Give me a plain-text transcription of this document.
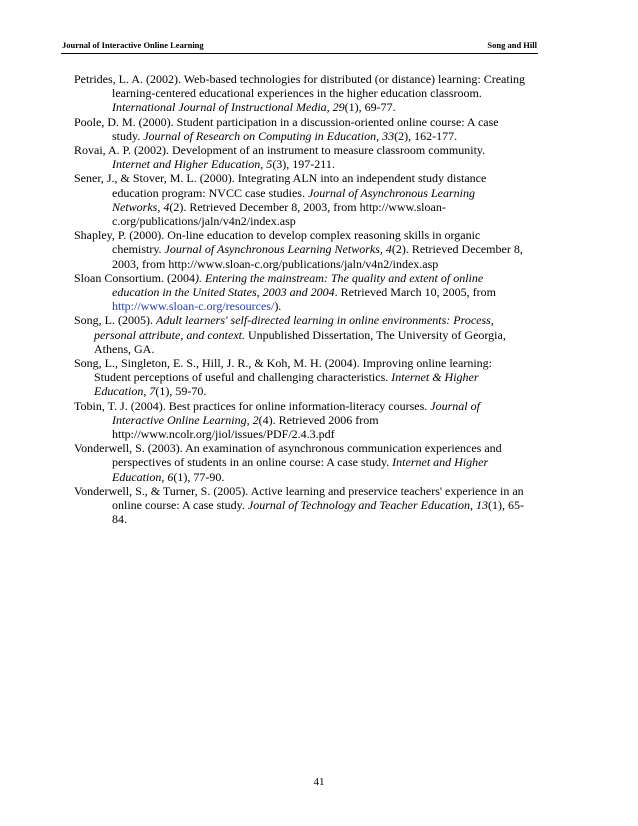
Journal of Interactive Online Learning	Song and Hill

Petrides, L. A. (2002). Web-based technologies for distributed (or distance) learning: Creating learning-centered educational experiences in the higher education classroom. International Journal of Instructional Media, 29(1), 69-77.

Poole, D. M. (2000). Student participation in a discussion-oriented online course: A case study. Journal of Research on Computing in Education, 33(2), 162-177.

Rovai, A. P. (2002). Development of an instrument to measure classroom community. Internet and Higher Education, 5(3), 197-211.

Sener, J., & Stover, M. L. (2000). Integrating ALN into an independent study distance education program: NVCC case studies. Journal of Asynchronous Learning Networks, 4(2). Retrieved December 8, 2003, from http://www.sloan-c.org/publications/jaln/v4n2/index.asp

Shapley, P. (2000). On-line education to develop complex reasoning skills in organic chemistry. Journal of Asynchronous Learning Networks, 4(2). Retrieved December 8, 2003, from http://www.sloan-c.org/publications/jaln/v4n2/index.asp

Sloan Consortium. (2004). Entering the mainstream: The quality and extent of online education in the United States, 2003 and 2004. Retrieved March 10, 2005, from http://www.sloan-c.org/resources/).

Song, L. (2005). Adult learners' self-directed learning in online environments: Process, personal attribute, and context. Unpublished Dissertation, The University of Georgia, Athens, GA.

Song, L., Singleton, E. S., Hill, J. R., & Koh, M. H. (2004). Improving online learning: Student perceptions of useful and challenging characteristics. Internet & Higher Education, 7(1), 59-70.

Tobin, T. J. (2004). Best practices for online information-literacy courses. Journal of Interactive Online Learning, 2(4). Retrieved 2006 from http://www.ncolr.org/jiol/issues/PDF/2.4.3.pdf

Vonderwell, S. (2003). An examination of asynchronous communication experiences and perspectives of students in an online course: A case study. Internet and Higher Education, 6(1), 77-90.

Vonderwell, S., & Turner, S. (2005). Active learning and preservice teachers' experience in an online course: A case study. Journal of Technology and Teacher Education, 13(1), 65-84.

41
